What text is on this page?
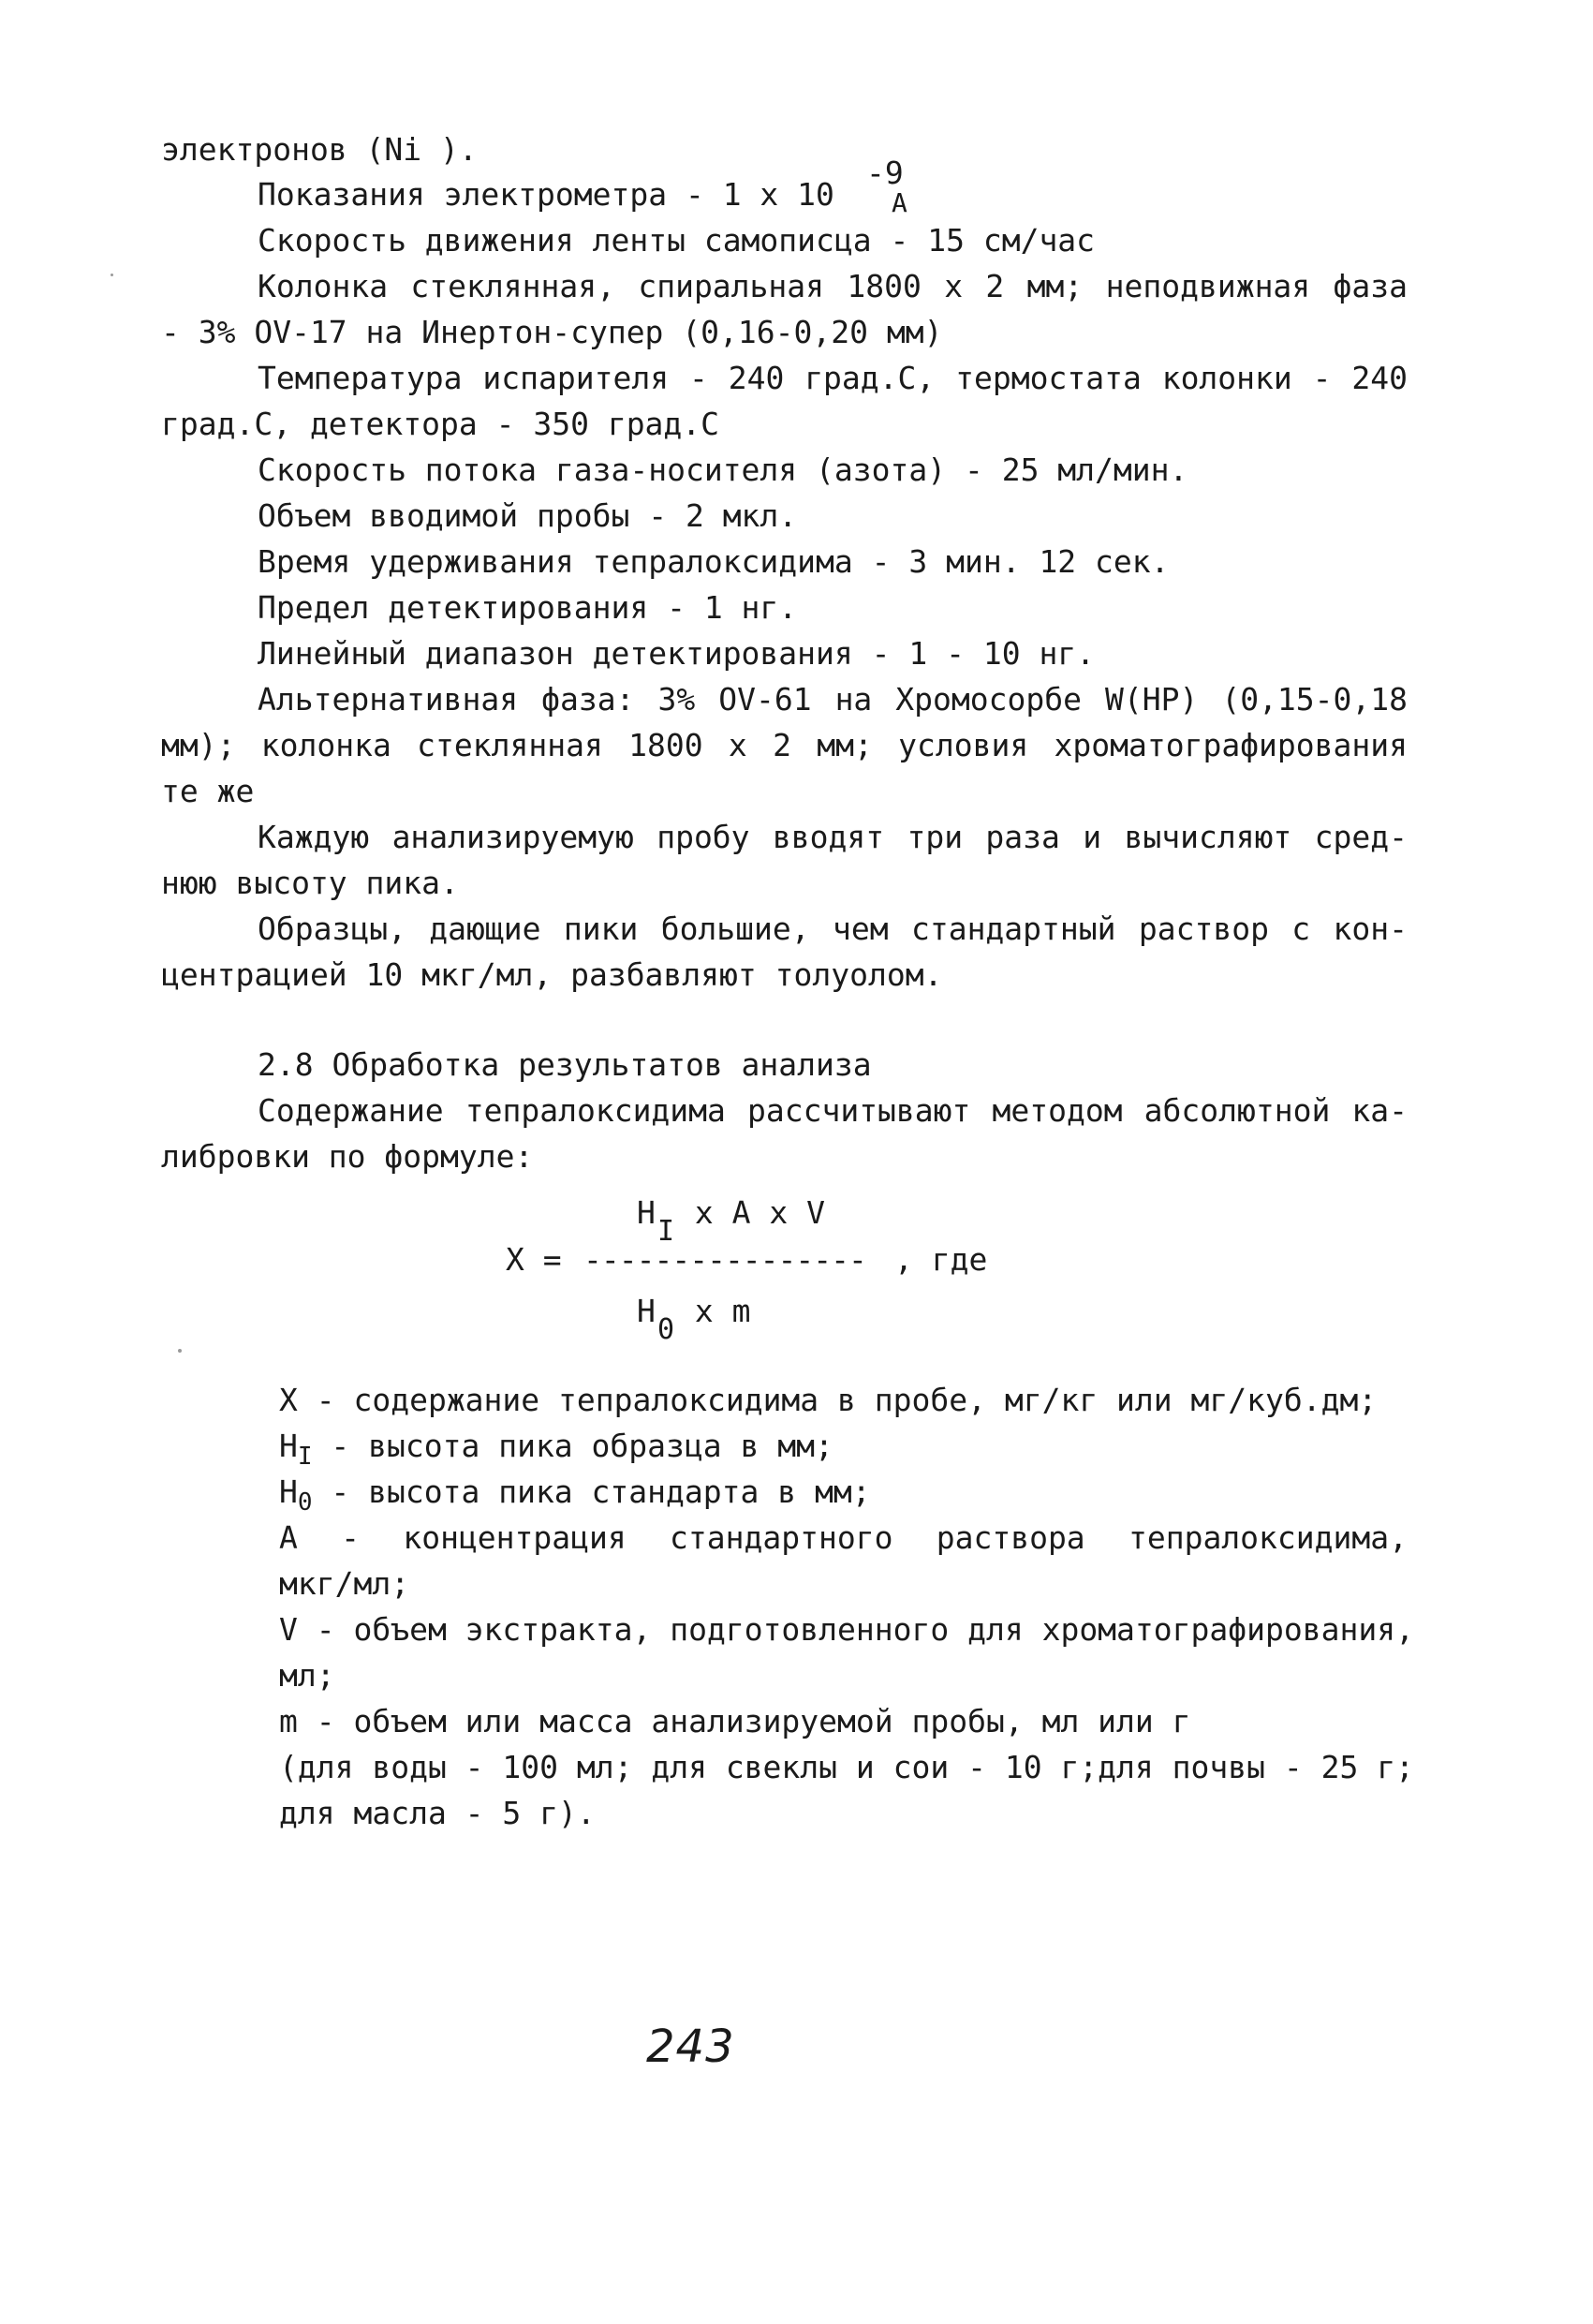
электронов (Ni ).

Показания электрометра - 1 х 10

-9
А

Скорость движения ленты самописца - 15 см/час

Колонка стеклянная, спиральная 1800 х 2 мм; неподвижная фаза

- 3% OV-17 на Инертон-супер (0,16-0,20 мм)

Температура испарителя - 240 град.С, термостата колонки - 240

град.С, детектора - 350 град.С

Скорость потока газа-носителя (азота) - 25 мл/мин.

Объем вводимой пробы - 2 мкл.

Время удерживания тепралоксидима - 3 мин. 12 сек.

Предел детектирования - 1 нг.

Линейный диапазон детектирования - 1 - 10 нг.

Альтернативная фаза: 3% OV-61 на Хромосорбе W(HP) (0,15-0,18

мм); колонка стеклянная 1800 х 2 мм; условия хроматографирования

те же

Каждую анализируемую пробу вводят три раза и вычисляют сред-

нюю высоту пика.

Образцы, дающие пики большие, чем стандартный раствор с кон-

центрацией 10 мкг/мл, разбавляют толуолом.

2.8 Обработка результатов анализа

Содержание тепралоксидима рассчитывают методом абсолютной ка-

либровки по формуле:

H
I
x A x V
X = ---------------- , где
H
0
x m

X - содержание тепралоксидима в пробе, мг/кг или мг/куб.дм;

$H_I$ - высота пика образца в мм;

$H_0$ - высота пика стандарта в мм;

A - концентрация стандартного раствора тепралоксидима,

мкг/мл;

V - объем экстракта, подготовленного для хроматографирования,

мл;

m - объем или масса анализируемой пробы, мл или г

(для воды - 100 мл; для свеклы и сои - 10 г;для почвы - 25 г;

для масла - 5 г).

243
